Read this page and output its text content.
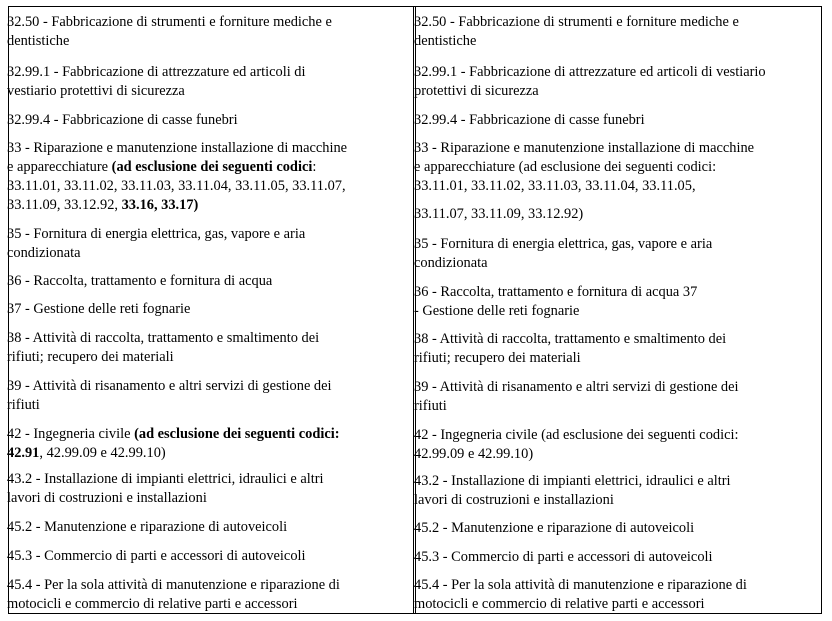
32.50 - Fabbricazione di strumenti e forniture mediche e
dentistiche
32.99.1 - Fabbricazione di attrezzature ed articoli di
vestiario protettivi di sicurezza
32.99.4 - Fabbricazione di casse funebri
33 - Riparazione e manutenzione installazione di macchine
e apparecchiature (ad esclusione dei seguenti codici:
33.11.01, 33.11.02, 33.11.03, 33.11.04, 33.11.05, 33.11.07,
33.11.09, 33.12.92, 33.16, 33.17)
35 - Fornitura di energia elettrica, gas, vapore e aria
condizionata
36 - Raccolta, trattamento e fornitura di acqua
37 - Gestione delle reti fognarie
38 - Attività di raccolta, trattamento e smaltimento dei
rifiuti; recupero dei materiali
39 - Attività di risanamento e altri servizi di gestione dei
rifiuti
42 - Ingegneria civile (ad esclusione dei seguenti codici:
42.91, 42.99.09 e 42.99.10)
43.2 - Installazione di impianti elettrici, idraulici e altri
lavori di costruzioni e installazioni
45.2 - Manutenzione e riparazione di autoveicoli
45.3 - Commercio di parti e accessori di autoveicoli
45.4 - Per la sola attività di manutenzione e riparazione di
motocicli e commercio di relative parti e accessori
32.50 - Fabbricazione di strumenti e forniture mediche e
dentistiche
32.99.1 - Fabbricazione di attrezzature ed articoli di vestiario
protettivi di sicurezza
32.99.4 - Fabbricazione di casse funebri
33 - Riparazione e manutenzione installazione di macchine
e apparecchiature (ad esclusione dei seguenti codici:
33.11.01, 33.11.02, 33.11.03, 33.11.04, 33.11.05,
33.11.07, 33.11.09, 33.12.92)
35 - Fornitura di energia elettrica, gas, vapore e aria
condizionata
36 - Raccolta, trattamento e fornitura di acqua 37
- Gestione delle reti fognarie
38 - Attività di raccolta, trattamento e smaltimento dei
rifiuti; recupero dei materiali
39 - Attività di risanamento e altri servizi di gestione dei
rifiuti
42 - Ingegneria civile (ad esclusione dei seguenti codici:
42.99.09 e 42.99.10)
43.2 - Installazione di impianti elettrici, idraulici e altri
lavori di costruzioni e installazioni
45.2 - Manutenzione e riparazione di autoveicoli
45.3 - Commercio di parti e accessori di autoveicoli
45.4 - Per la sola attività di manutenzione e riparazione di
motocicli e commercio di relative parti e accessori
